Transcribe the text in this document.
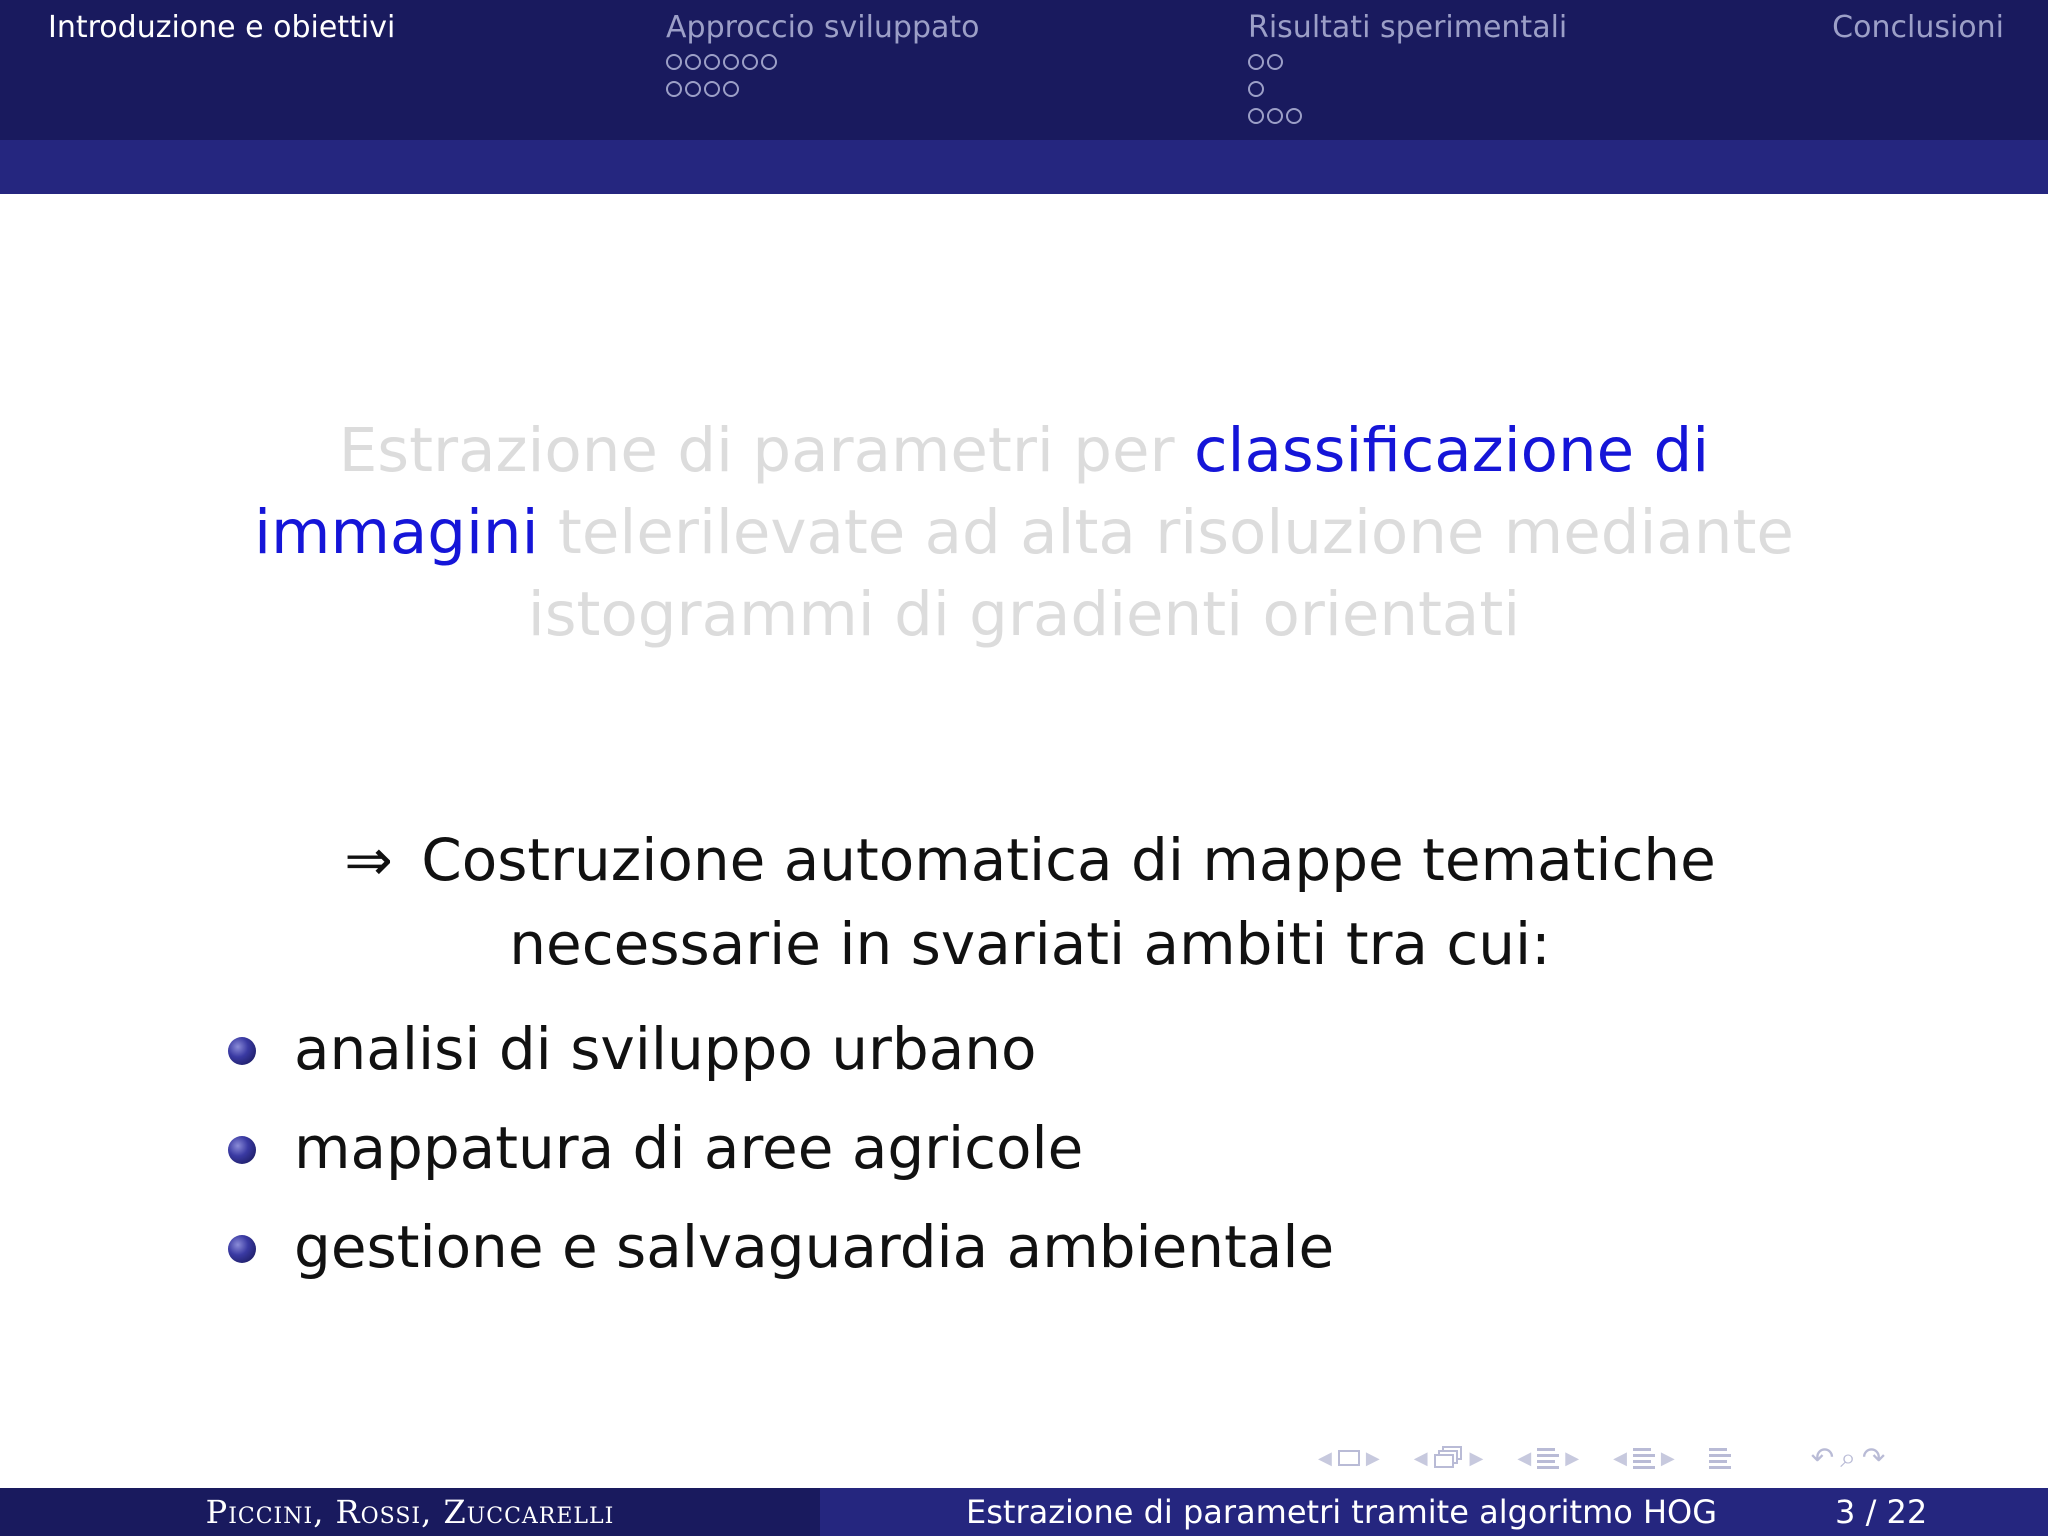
Introduzione e obiettivi	Approccio sviluppato	Risultati sperimentali	Conclusioni
Estrazione di parametri per classificazione di immagini telerilevate ad alta risoluzione mediante istogrammi di gradienti orientati
⇒ Costruzione automatica di mappe tematiche necessarie in svariati ambiti tra cui:
analisi di sviluppo urbano
mappatura di aree agricole
gestione e salvaguardia ambientale
◀ ▶ ◀ ▶ ◀ ▶ ◀ ▶	↶ ⌕ ↷
Piccini, Rossi, Zuccarelli	Estrazione di parametri tramite algoritmo HOG	3 / 22
